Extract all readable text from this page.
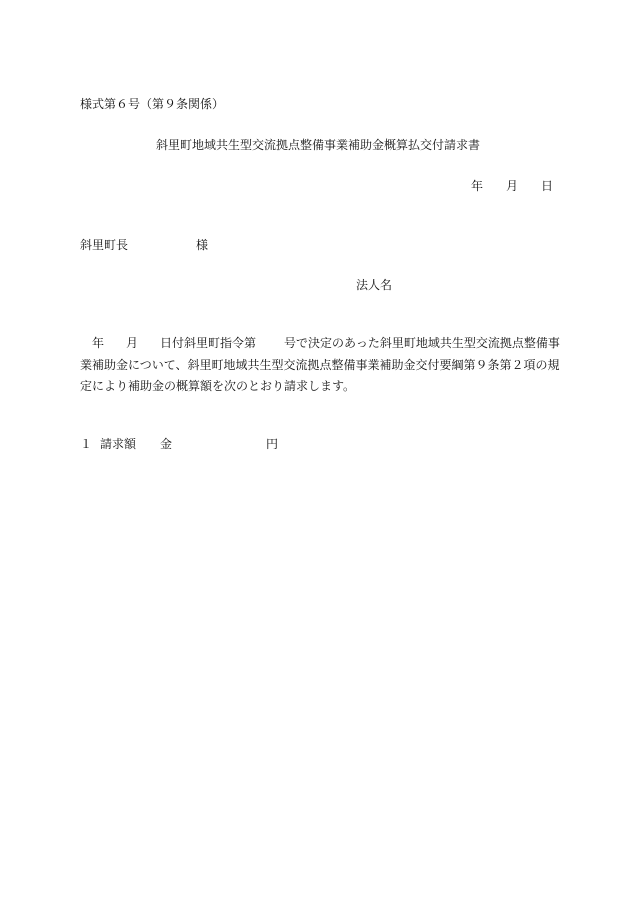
様式第６号（第９条関係）
斜里町地域共生型交流拠点整備事業補助金概算払交付請求書
年 月 日
斜里町長	様
法人名
年 月 日付斜里町指令第 号で決定のあった斜里町地域共生型交流拠点整備事
業補助金について、斜里町地域共生型交流拠点整備事業補助金交付要綱第９条第２項の規
定により補助金の概算額を次のとおり請求します。
１ 請求額 金	円
